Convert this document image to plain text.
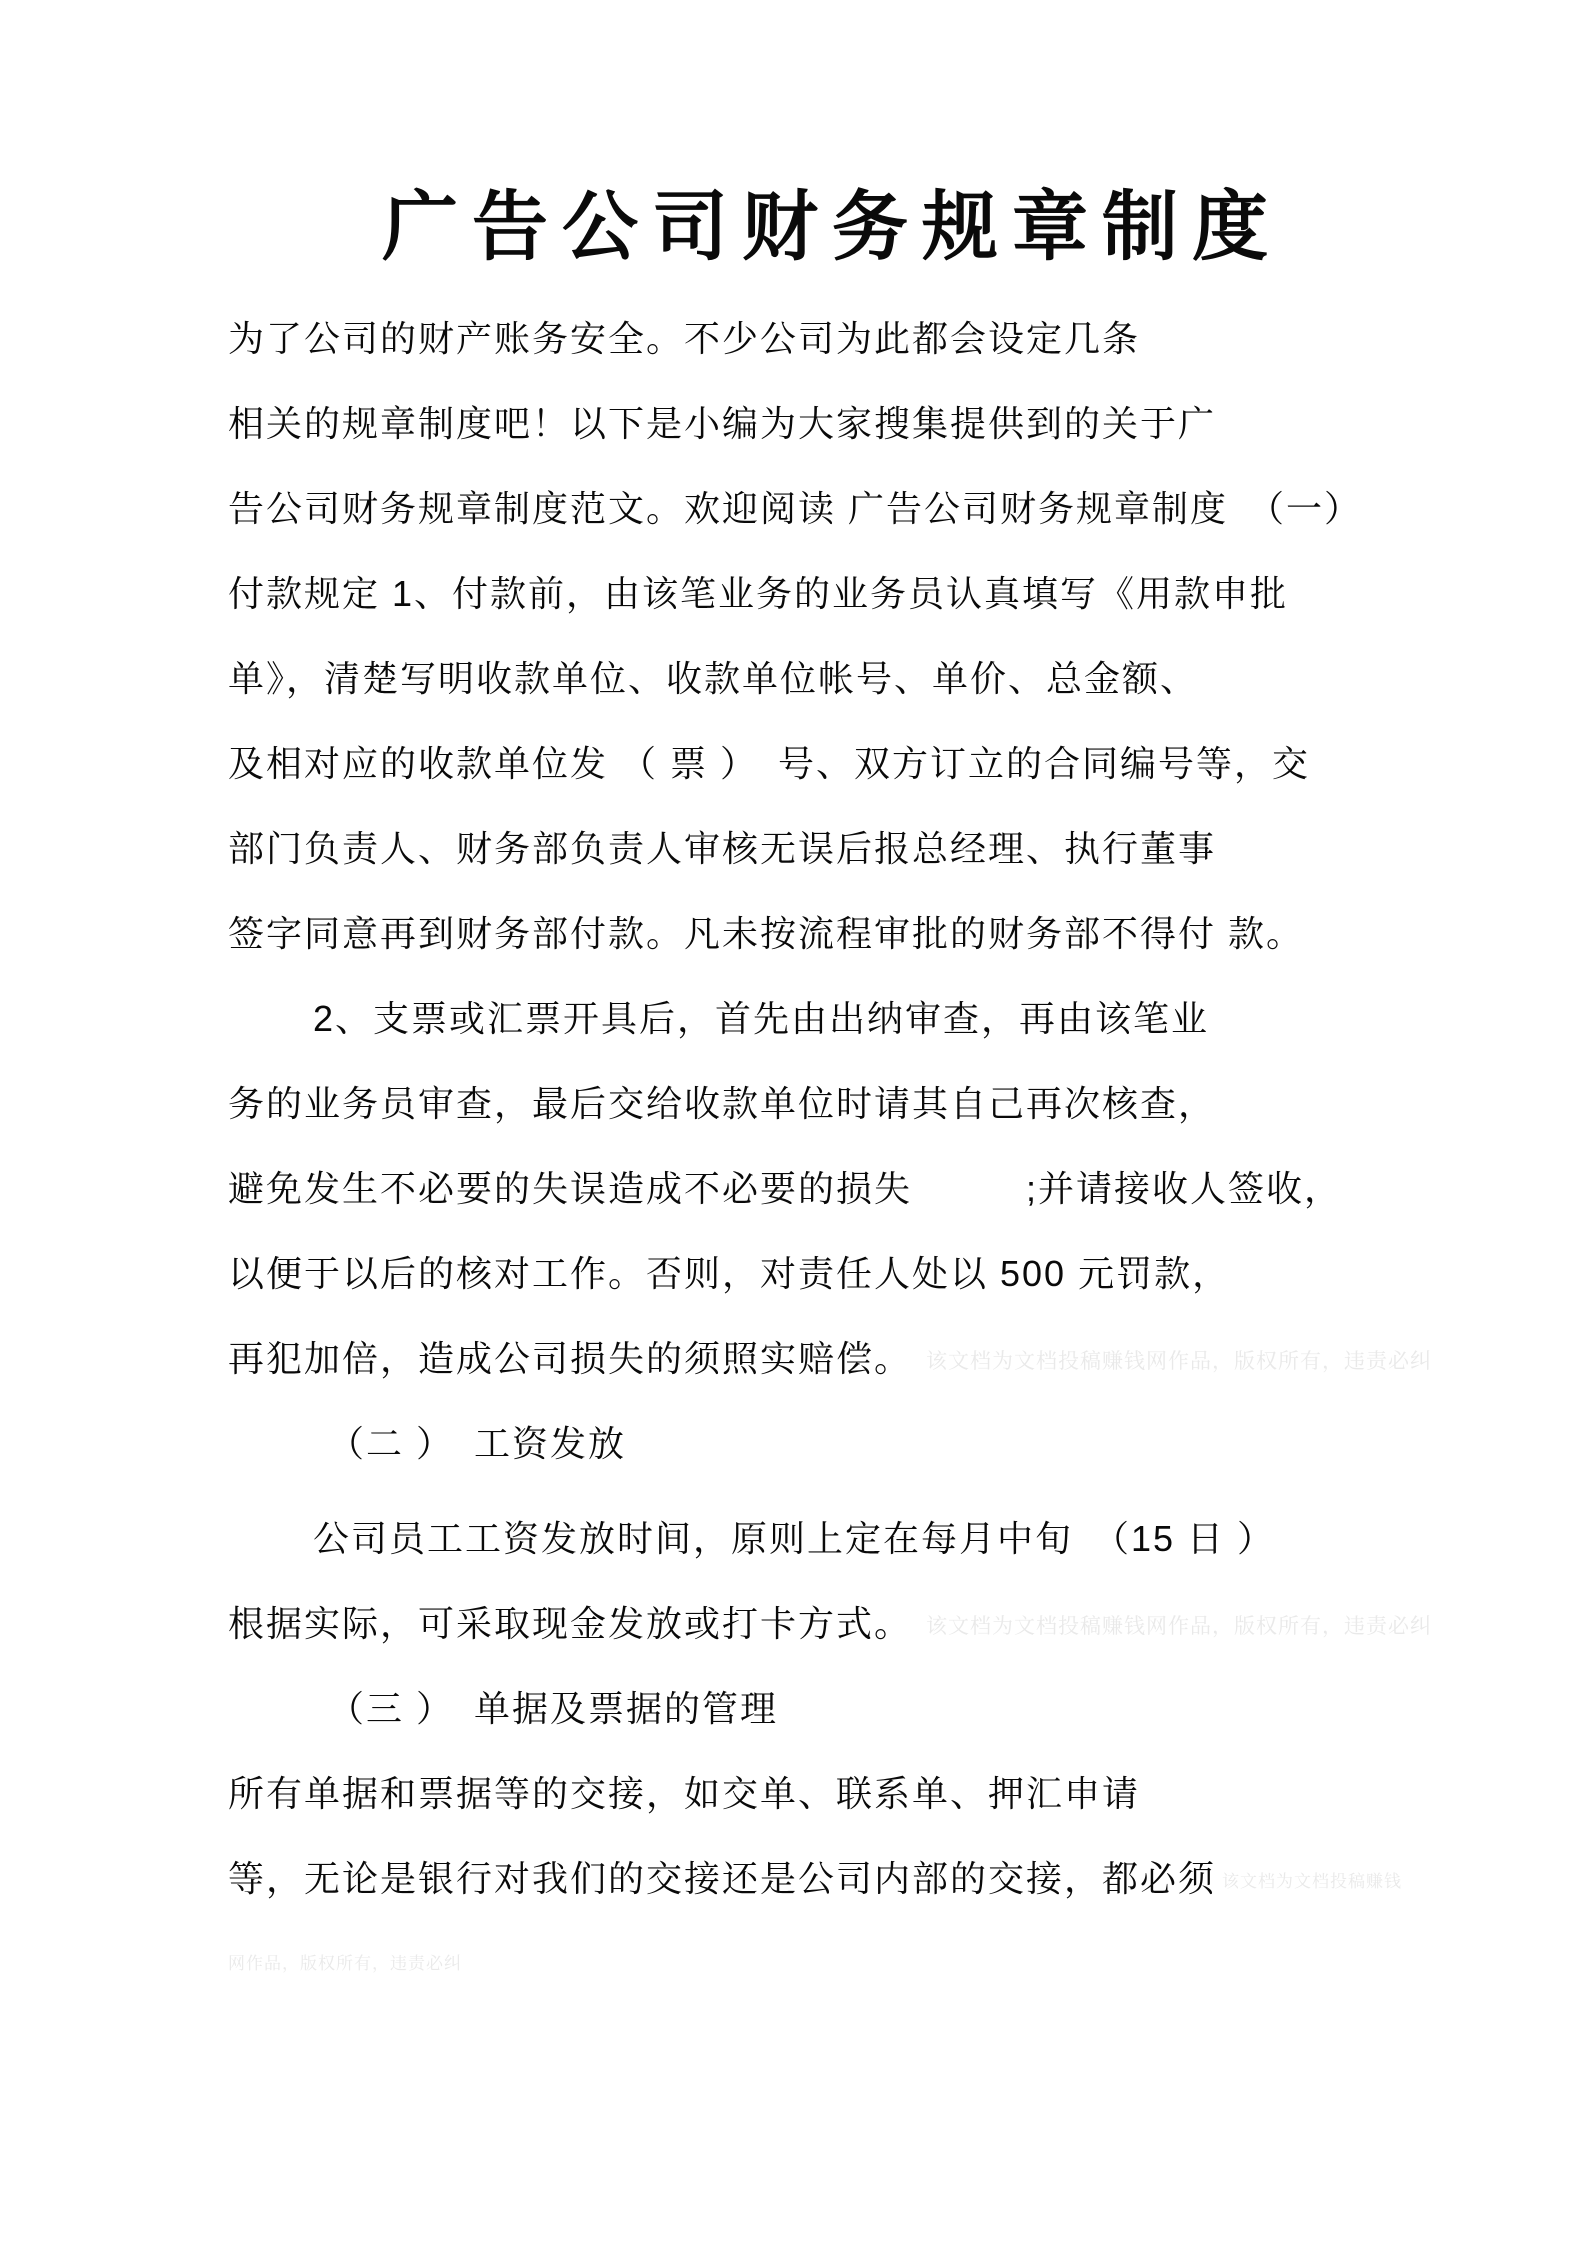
广告公司财务规章制度
为了公司的财产账务安全。不少公司为此都会设定几条
相关的规章制度吧！以下是小编为大家搜集提供到的关于广
告公司财务规章制度范文。欢迎阅读 广告公司财务规章制度　（一）
付款规定 1、付款前，由该笔业务的业务员认真填写《用款申批
单》，清楚写明收款单位、收款单位帐号、单价、总金额、
及相对应的收款单位发 （ 票 ）　号、双方订立的合同编号等，交
部门负责人、财务部负责人审核无误后报总经理、执行董事
签字同意再到财务部付款。凡未按流程审批的财务部不得付 款。
2、支票或汇票开具后，首先由出纳审查，再由该笔业
务的业务员审查，最后交给收款单位时请其自己再次核查，
避免发生不必要的失误造成不必要的损失　　　;并请接收人签收，
以便于以后的核对工作。否则，对责任人处以 500 元罚款，
再犯加倍，造成公司损失的须照实赔偿。 该文档为文档投稿赚钱网作品，版权所有，违责必纠
（二 ）　工资发放
公司员工工资发放时间，原则上定在每月中旬　（15 日 ）
根据实际，可采取现金发放或打卡方式。 该文档为文档投稿赚钱网作品，版权所有，违责必纠
（三 ）　单据及票据的管理
所有单据和票据等的交接，如交单、联系单、押汇申请
等，无论是银行对我们的交接还是公司内部的交接，都必须 该文档为文档投稿赚钱
网作品，版权所有，违责必纠
